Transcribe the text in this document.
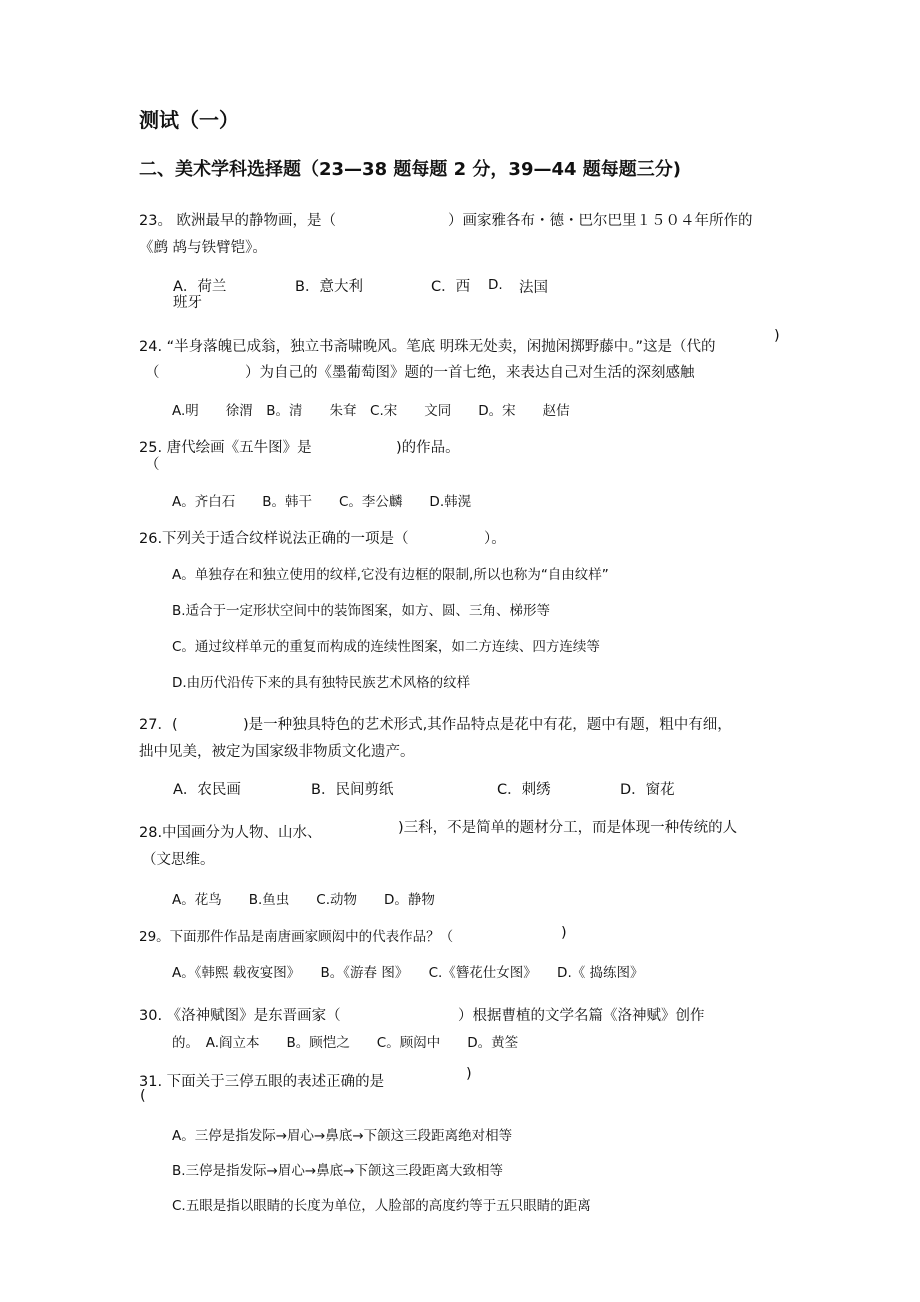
测试（一）
二、美术学科选择题（23—38 题每题 2 分，39—44 题每题三分)
23。 欧洲最早的静物画，是（	）画家雅各布・德・巴尔巴里１５０４年所作的
《鹧 鸪与铁臂铠》。
A．荷兰	B．意大利	C．西
班牙
D. 法国
24. “半身落魄已成翁，独立书斋啸晚风。笔底 明珠无处卖，闲抛闲掷野藤中。”这是（代的
)
（	）为自己的《墨葡萄图》题的一首七绝，来表达自己对生活的深刻感触
A.明　　徐渭　B。清　　朱耷　C.宋　　文同　　D。宋　　赵佶
25. 唐代绘画《五牛图》是	)的作品。
（
A。齐白石　　B。韩干　　C。李公麟　　D.韩滉
26.下列关于适合纹样说法正确的一项是（	）。
A。单独存在和独立使用的纹样,它没有边框的限制,所以也称为“自由纹样”
B.适合于一定形状空间中的装饰图案，如方、圆、三角、梯形等
C。通过纹样单元的重复而构成的连续性图案，如二方连续、四方连续等
D.由历代沿传下来的具有独特民族艺术风格的纹样
27．(	)是一种独具特色的艺术形式,其作品特点是花中有花，题中有题，粗中有细，
拙中见美，被定为国家级非物质文化遗产。
A．农民画	B．民间剪纸	C．刺绣	D．窗花
28.中国画分为人物、山水、	)三科，不是简单的题材分工，而是体现一种传统的人
（文思维。
A。花鸟　　B.鱼虫　　C.动物　　D。静物
29。下面那件作品是南唐画家顾闳中的代表作品？（	)
A。《韩熙 载夜宴图》　　B。《游春 图》　　C.《簪花仕女图》　　D.《 捣练图》
30. 《洛神赋图》是东晋画家（	）根据曹植的文学名篇《洛神赋》创作
的。　A.阎立本　　B。顾恺之　　C。顾闳中　　D。黄筌
31. 下面关于三停五眼的表述正确的是	)
(
A。三停是指发际→眉心→鼻底→下颌这三段距离绝对相等
B.三停是指发际→眉心→鼻底→下颌这三段距离大致相等
C.五眼是指以眼睛的长度为单位，人脸部的高度约等于五只眼睛的距离
